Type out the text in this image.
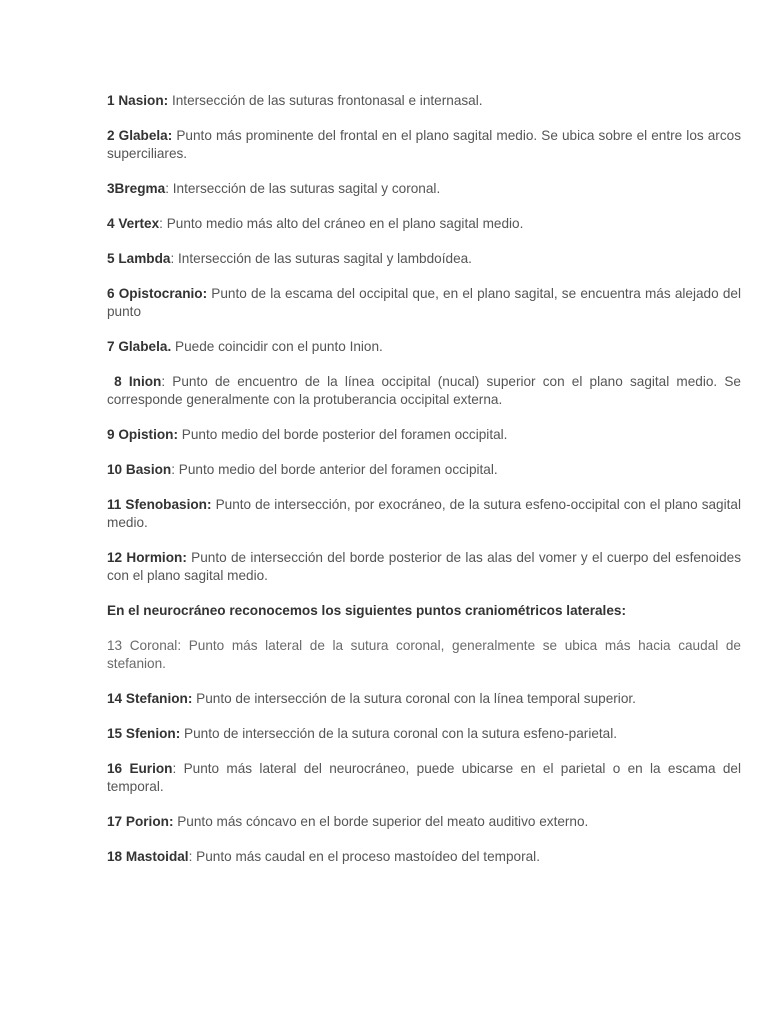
1 Nasion: Intersección de las suturas frontonasal e internasal.

2 Glabela: Punto más prominente del frontal en el plano sagital medio. Se ubica sobre el entre los arcos superciliares.

3Bregma: Intersección de las suturas sagital y coronal.

4 Vertex: Punto medio más alto del cráneo en el plano sagital medio.

5 Lambda: Intersección de las suturas sagital y lambdoídea.

6 Opistocranio: Punto de la escama del occipital que, en el plano sagital, se encuentra más alejado del punto

7 Glabela. Puede coincidir con el punto Inion.

8 Inion: Punto de encuentro de la línea occipital (nucal) superior con el plano sagital medio. Se corresponde generalmente con la protuberancia occipital externa.

9 Opistion: Punto medio del borde posterior del foramen occipital.

10 Basion: Punto medio del borde anterior del foramen occipital.

11 Sfenobasion: Punto de intersección, por exocráneo, de la sutura esfeno-occipital con el plano sagital medio.

12 Hormion: Punto de intersección del borde posterior de las alas del vomer y el cuerpo del esfenoides con el plano sagital medio.

En el neurocráneo reconocemos los siguientes puntos craniométricos laterales:

13 Coronal: Punto más lateral de la sutura coronal, generalmente se ubica más hacia caudal de stefanion.

14 Stefanion: Punto de intersección de la sutura coronal con la línea temporal superior.

15 Sfenion: Punto de intersección de la sutura coronal con la sutura esfeno-parietal.

16 Eurion: Punto más lateral del neurocráneo, puede ubicarse en el parietal o en la escama del temporal.

17 Porion: Punto más cóncavo en el borde superior del meato auditivo externo.

18 Mastoidal: Punto más caudal en el proceso mastoídeo del temporal.
